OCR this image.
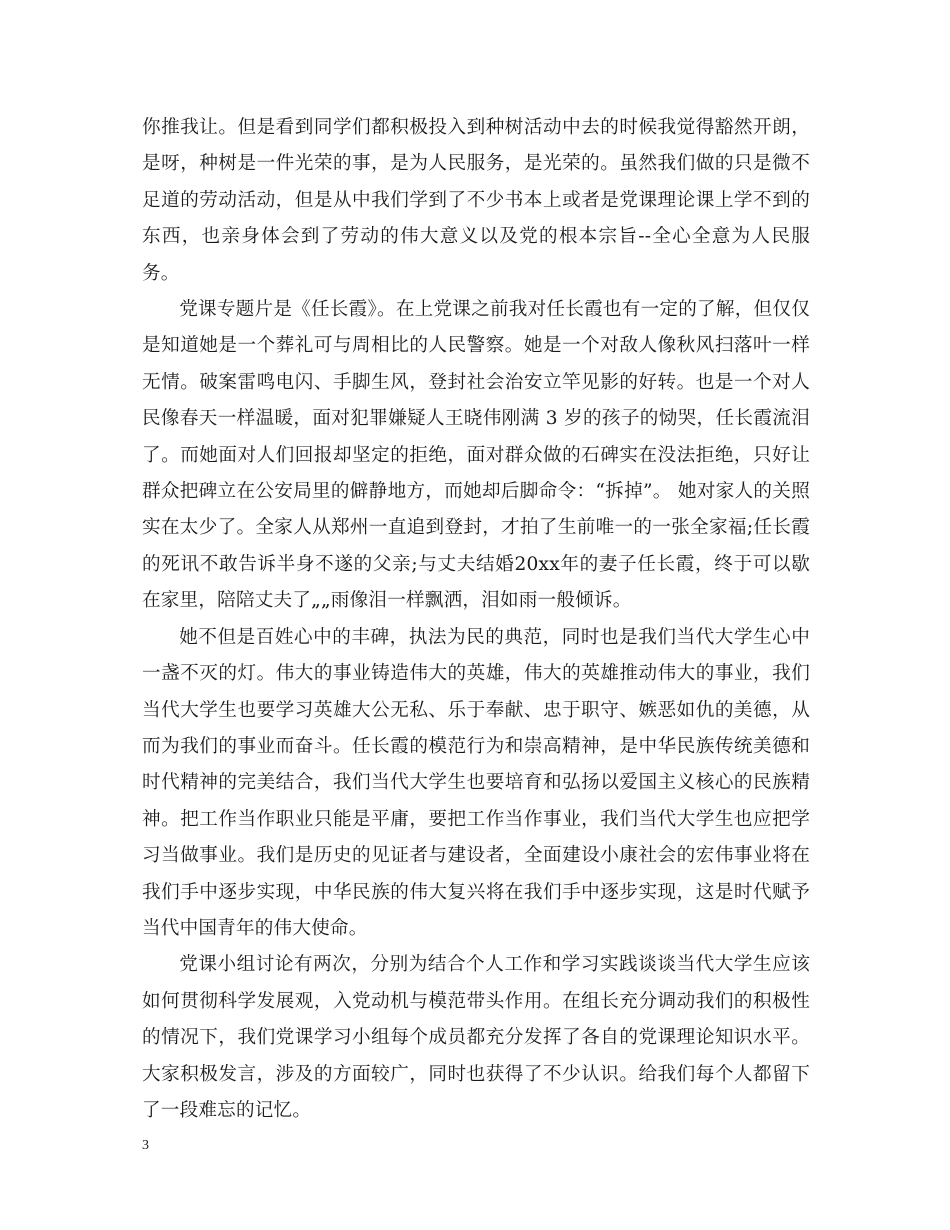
你推我让。但是看到同学们都积极投入到种树活动中去的时候我觉得豁然开朗，是呀，种树是一件光荣的事，是为人民服务，是光荣的。虽然我们做的只是微不足道的劳动活动，但是从中我们学到了不少书本上或者是党课理论课上学不到的东西，也亲身体会到了劳动的伟大意义以及党的根本宗旨--全心全意为人民服务。

党课专题片是《任长霞》。在上党课之前我对任长霞也有一定的了解，但仅仅是知道她是一个葬礼可与周相比的人民警察。她是一个对敌人像秋风扫落叶一样无情。破案雷鸣电闪、手脚生风，登封社会治安立竿见影的好转。也是一个对人民像春天一样温暖，面对犯罪嫌疑人王晓伟刚满 3 岁的孩子的恸哭，任长霞流泪了。而她面对人们回报却坚定的拒绝，面对群众做的石碑实在没法拒绝，只好让群众把碑立在公安局里的僻静地方，而她却后脚命令：“拆掉”。 她对家人的关照实在太少了。全家人从郑州一直追到登封，才拍了生前唯一的一张全家福;任长霞的死讯不敢告诉半身不遂的父亲;与丈夫结婚20xx年的妻子任长霞，终于可以歇在家里，陪陪丈夫了„„雨像泪一样飘洒，泪如雨一般倾诉。

她不但是百姓心中的丰碑，执法为民的典范，同时也是我们当代大学生心中一盏不灭的灯。伟大的事业铸造伟大的英雄，伟大的英雄推动伟大的事业，我们当代大学生也要学习英雄大公无私、乐于奉献、忠于职守、嫉恶如仇的美德，从而为我们的事业而奋斗。任长霞的模范行为和崇高精神，是中华民族传统美德和时代精神的完美结合，我们当代大学生也要培育和弘扬以爱国主义核心的民族精神。把工作当作职业只能是平庸，要把工作当作事业，我们当代大学生也应把学习当做事业。我们是历史的见证者与建设者，全面建设小康社会的宏伟事业将在我们手中逐步实现，中华民族的伟大复兴将在我们手中逐步实现，这是时代赋予当代中国青年的伟大使命。

党课小组讨论有两次，分别为结合个人工作和学习实践谈谈当代大学生应该如何贯彻科学发展观，入党动机与模范带头作用。在组长充分调动我们的积极性的情况下，我们党课学习小组每个成员都充分发挥了各自的党课理论知识水平。大家积极发言，涉及的方面较广，同时也获得了不少认识。给我们每个人都留下了一段难忘的记忆。

3
